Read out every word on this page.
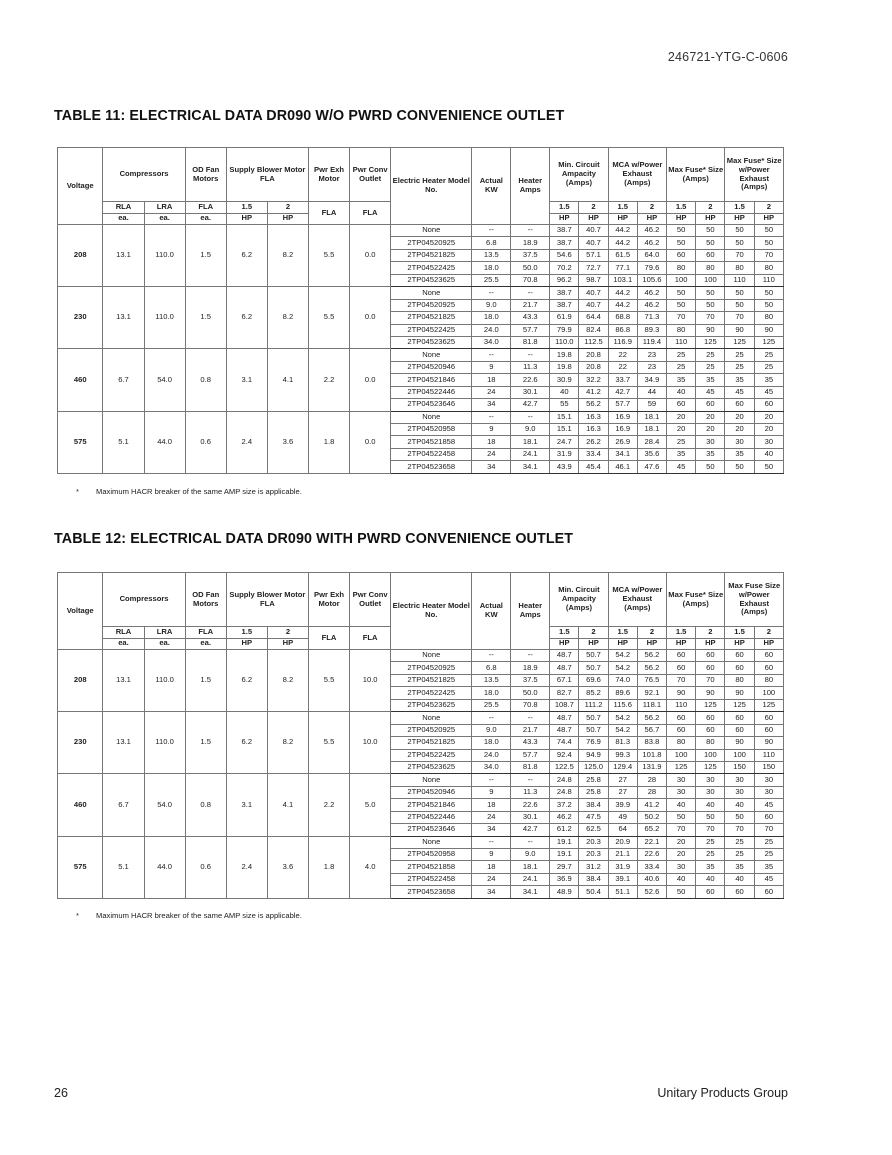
246721-YTG-C-0606
TABLE 11: ELECTRICAL DATA DR090 W/O PWRD CONVENIENCE OUTLET
Voltage	Compressors		OD Fan Motors	Supply Blower Motor FLA		Pwr Exh Motor	Pwr Conv Outlet	Electric Heater Model No.	Actual KW	Heater Amps	Min. Circuit Ampacity (Amps)		MCA w/Power Exhaust (Amps)		Max Fuse* Size (Amps)		Max Fuse* Size w/Power Exhaust (Amps)	
	RLA	LRA	FLA	1.5	2	FLA	FLA				1.5	2	1.5	2	1.5	2	1.5	2
	ea.	ea.	ea.	HP	HP						HP	HP	HP	HP	HP	HP	HP	HP
208	13.1	110.0	1.5	6.2	8.2	5.5	0.0	None	--	--	38.7	40.7	44.2	46.2	50	50	50	50
								2TP04520925	6.8	18.9	38.7	40.7	44.2	46.2	50	50	50	50
								2TP04521825	13.5	37.5	54.6	57.1	61.5	64.0	60	60	70	70
								2TP04522425	18.0	50.0	70.2	72.7	77.1	79.6	80	80	80	80
								2TP04523625	25.5	70.8	96.2	98.7	103.1	105.6	100	100	110	110
230	13.1	110.0	1.5	6.2	8.2	5.5	0.0	None	--	--	38.7	40.7	44.2	46.2	50	50	50	50
								2TP04520925	9.0	21.7	38.7	40.7	44.2	46.2	50	50	50	50
								2TP04521825	18.0	43.3	61.9	64.4	68.8	71.3	70	70	70	80
								2TP04522425	24.0	57.7	79.9	82.4	86.8	89.3	80	90	90	90
								2TP04523625	34.0	81.8	110.0	112.5	116.9	119.4	110	125	125	125
460	6.7	54.0	0.8	3.1	4.1	2.2	0.0	None	--	--	19.8	20.8	22	23	25	25	25	25
								2TP04520946	9	11.3	19.8	20.8	22	23	25	25	25	25
								2TP04521846	18	22.6	30.9	32.2	33.7	34.9	35	35	35	35
								2TP04522446	24	30.1	40	41.2	42.7	44	40	45	45	45
								2TP04523646	34	42.7	55	56.2	57.7	59	60	60	60	60
575	5.1	44.0	0.6	2.4	3.6	1.8	0.0	None	--	--	15.1	16.3	16.9	18.1	20	20	20	20
								2TP04520958	9	9.0	15.1	16.3	16.9	18.1	20	20	20	20
								2TP04521858	18	18.1	24.7	26.2	26.9	28.4	25	30	30	30
								2TP04522458	24	24.1	31.9	33.4	34.1	35.6	35	35	35	40
								2TP04523658	34	34.1	43.9	45.4	46.1	47.6	45	50	50	50
* Maximum HACR breaker of the same AMP size is applicable.
TABLE 12: ELECTRICAL DATA DR090 WITH PWRD CONVENIENCE OUTLET
Voltage	Compressors		OD Fan Motors	Supply Blower Motor FLA		Pwr Exh Motor	Pwr Conv Outlet	Electric Heater Model No.	Actual KW	Heater Amps	Min. Circuit Ampacity (Amps)		MCA w/Power Exhaust (Amps)		Max Fuse* Size (Amps)		Max Fuse Size w/Power Exhaust (Amps)	
	RLA	LRA	FLA	1.5	2	FLA	FLA				1.5	2	1.5	2	1.5	2	1.5	2
	ea.	ea.	ea.	HP	HP						HP	HP	HP	HP	HP	HP	HP	HP
208	13.1	110.0	1.5	6.2	8.2	5.5	10.0	None	--	--	48.7	50.7	54.2	56.2	60	60	60	60
								2TP04520925	6.8	18.9	48.7	50.7	54.2	56.2	60	60	60	60
								2TP04521825	13.5	37.5	67.1	69.6	74.0	76.5	70	70	80	80
								2TP04522425	18.0	50.0	82.7	85.2	89.6	92.1	90	90	90	100
								2TP04523625	25.5	70.8	108.7	111.2	115.6	118.1	110	125	125	125
230	13.1	110.0	1.5	6.2	8.2	5.5	10.0	None	--	--	48.7	50.7	54.2	56.2	60	60	60	60
								2TP04520925	9.0	21.7	48.7	50.7	54.2	56.7	60	60	60	60
								2TP04521825	18.0	43.3	74.4	76.9	81.3	83.8	80	80	90	90
								2TP04522425	24.0	57.7	92.4	94.9	99.3	101.8	100	100	100	110
								2TP04523625	34.0	81.8	122.5	125.0	129.4	131.9	125	125	150	150
460	6.7	54.0	0.8	3.1	4.1	2.2	5.0	None	--	--	24.8	25.8	27	28	30	30	30	30
								2TP04520946	9	11.3	24.8	25.8	27	28	30	30	30	30
								2TP04521846	18	22.6	37.2	38.4	39.9	41.2	40	40	40	45
								2TP04522446	24	30.1	46.2	47.5	49	50.2	50	50	50	60
								2TP04523646	34	42.7	61.2	62.5	64	65.2	70	70	70	70
575	5.1	44.0	0.6	2.4	3.6	1.8	4.0	None	--	--	19.1	20.3	20.9	22.1	20	25	25	25
								2TP04520958	9	9.0	19.1	20.3	21.1	22.6	20	25	25	25
								2TP04521858	18	18.1	29.7	31.2	31.9	33.4	30	35	35	35
								2TP04522458	24	24.1	36.9	38.4	39.1	40.6	40	40	40	45
								2TP04523658	34	34.1	48.9	50.4	51.1	52.6	50	60	60	60
* Maximum HACR breaker of the same AMP size is applicable.
26	Unitary Products Group
